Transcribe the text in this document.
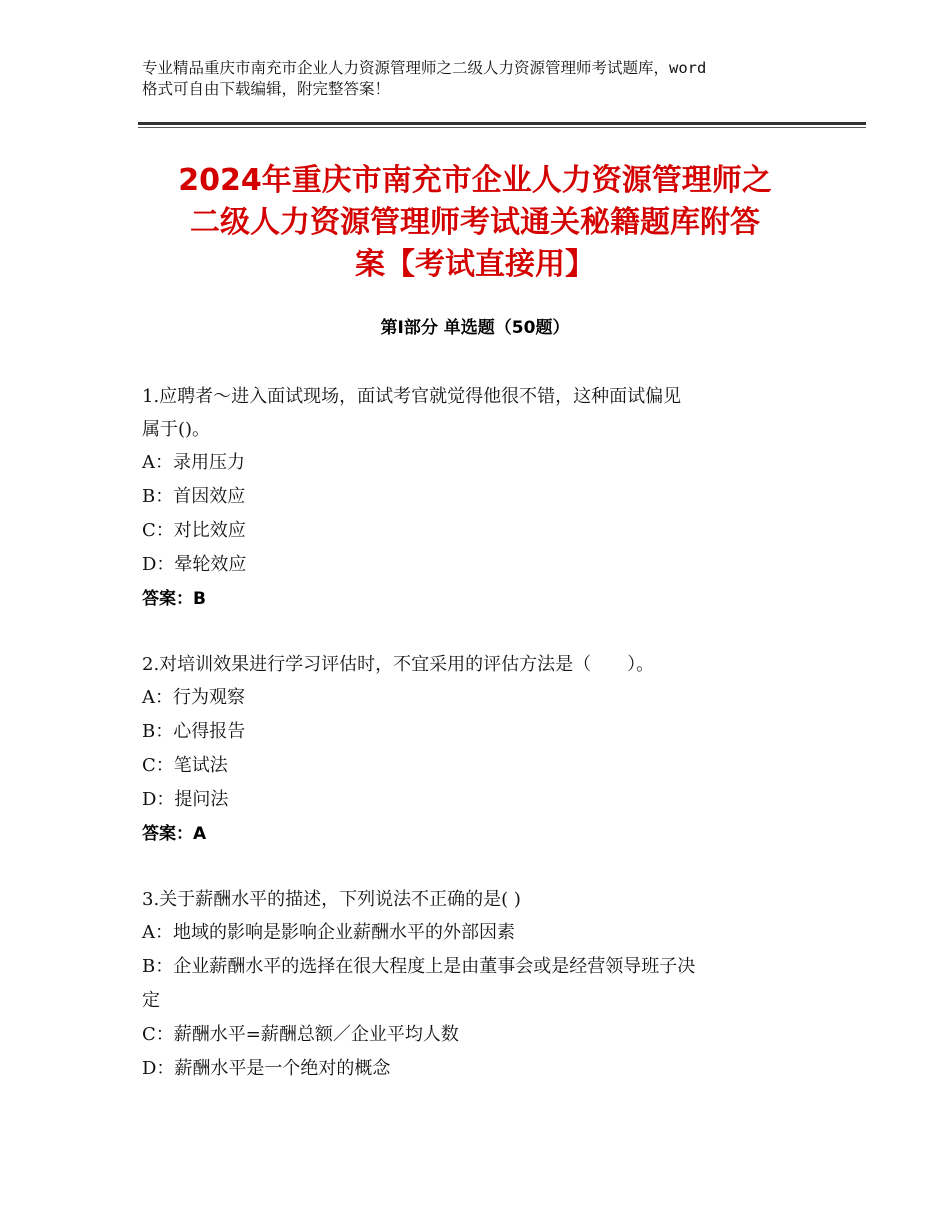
专业精品重庆市南充市企业人力资源管理师之二级人力资源管理师考试题库，word
格式可自由下载编辑，附完整答案！
2024年重庆市南充市企业人力资源管理师之
二级人力资源管理师考试通关秘籍题库附答
案【考试直接用】
第Ⅰ部分 单选题（50题）
1.应聘者～进入面试现场，面试考官就觉得他很不错，这种面试偏见
属于()。
A：录用压力
B：首因效应
C：对比效应
D：晕轮效应
答案：B
2.对培训效果进行学习评估时，不宜采用的评估方法是（　　）。
A：行为观察
B：心得报告
C：笔试法
D：提问法
答案：A
3.关于薪酬水平的描述，下列说法不正确的是( )
A：地域的影响是影响企业薪酬水平的外部因素
B：企业薪酬水平的选择在很大程度上是由董事会或是经营领导班子决
定
C：薪酬水平=薪酬总额／企业平均人数
D：薪酬水平是一个绝对的概念
